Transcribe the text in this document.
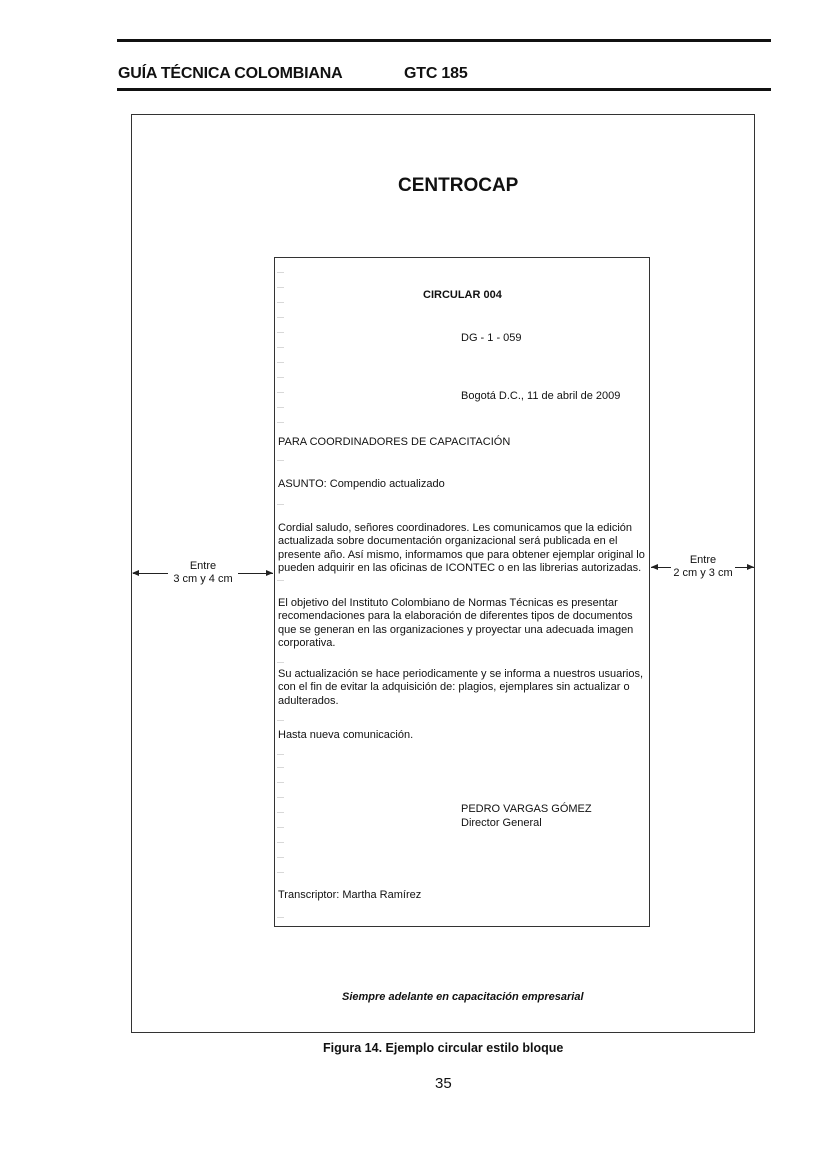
GUÍA TÉCNICA COLOMBIANA	GTC 185
CENTROCAP
CIRCULAR 004
DG - 1 - 059
Bogotá D.C., 11 de abril de 2009
PARA COORDINADORES DE CAPACITACIÓN
ASUNTO: Compendio actualizado
Cordial saludo, señores coordinadores. Les comunicamos que la edición actualizada sobre documentación organizacional será publicada en el presente año. Así mismo, informamos que para obtener ejemplar original lo pueden adquirir en las oficinas de ICONTEC o en las librerias autorizadas.
El objetivo del Instituto Colombiano de Normas Técnicas es presentar recomendaciones para la elaboración de diferentes tipos de documentos que se generan en las organizaciones y proyectar una adecuada imagen corporativa.
Su actualización se hace periodicamente y se informa a nuestros usuarios, con el fin de evitar la adquisición de: plagios, ejemplares sin actualizar o adulterados.
Hasta nueva comunicación.
PEDRO VARGAS GÓMEZ
Director General
Transcriptor: Martha Ramírez
Entre
3 cm y 4 cm
Entre
2 cm y 3 cm
Siempre adelante en capacitación empresarial
Figura 14. Ejemplo circular estilo bloque
35
